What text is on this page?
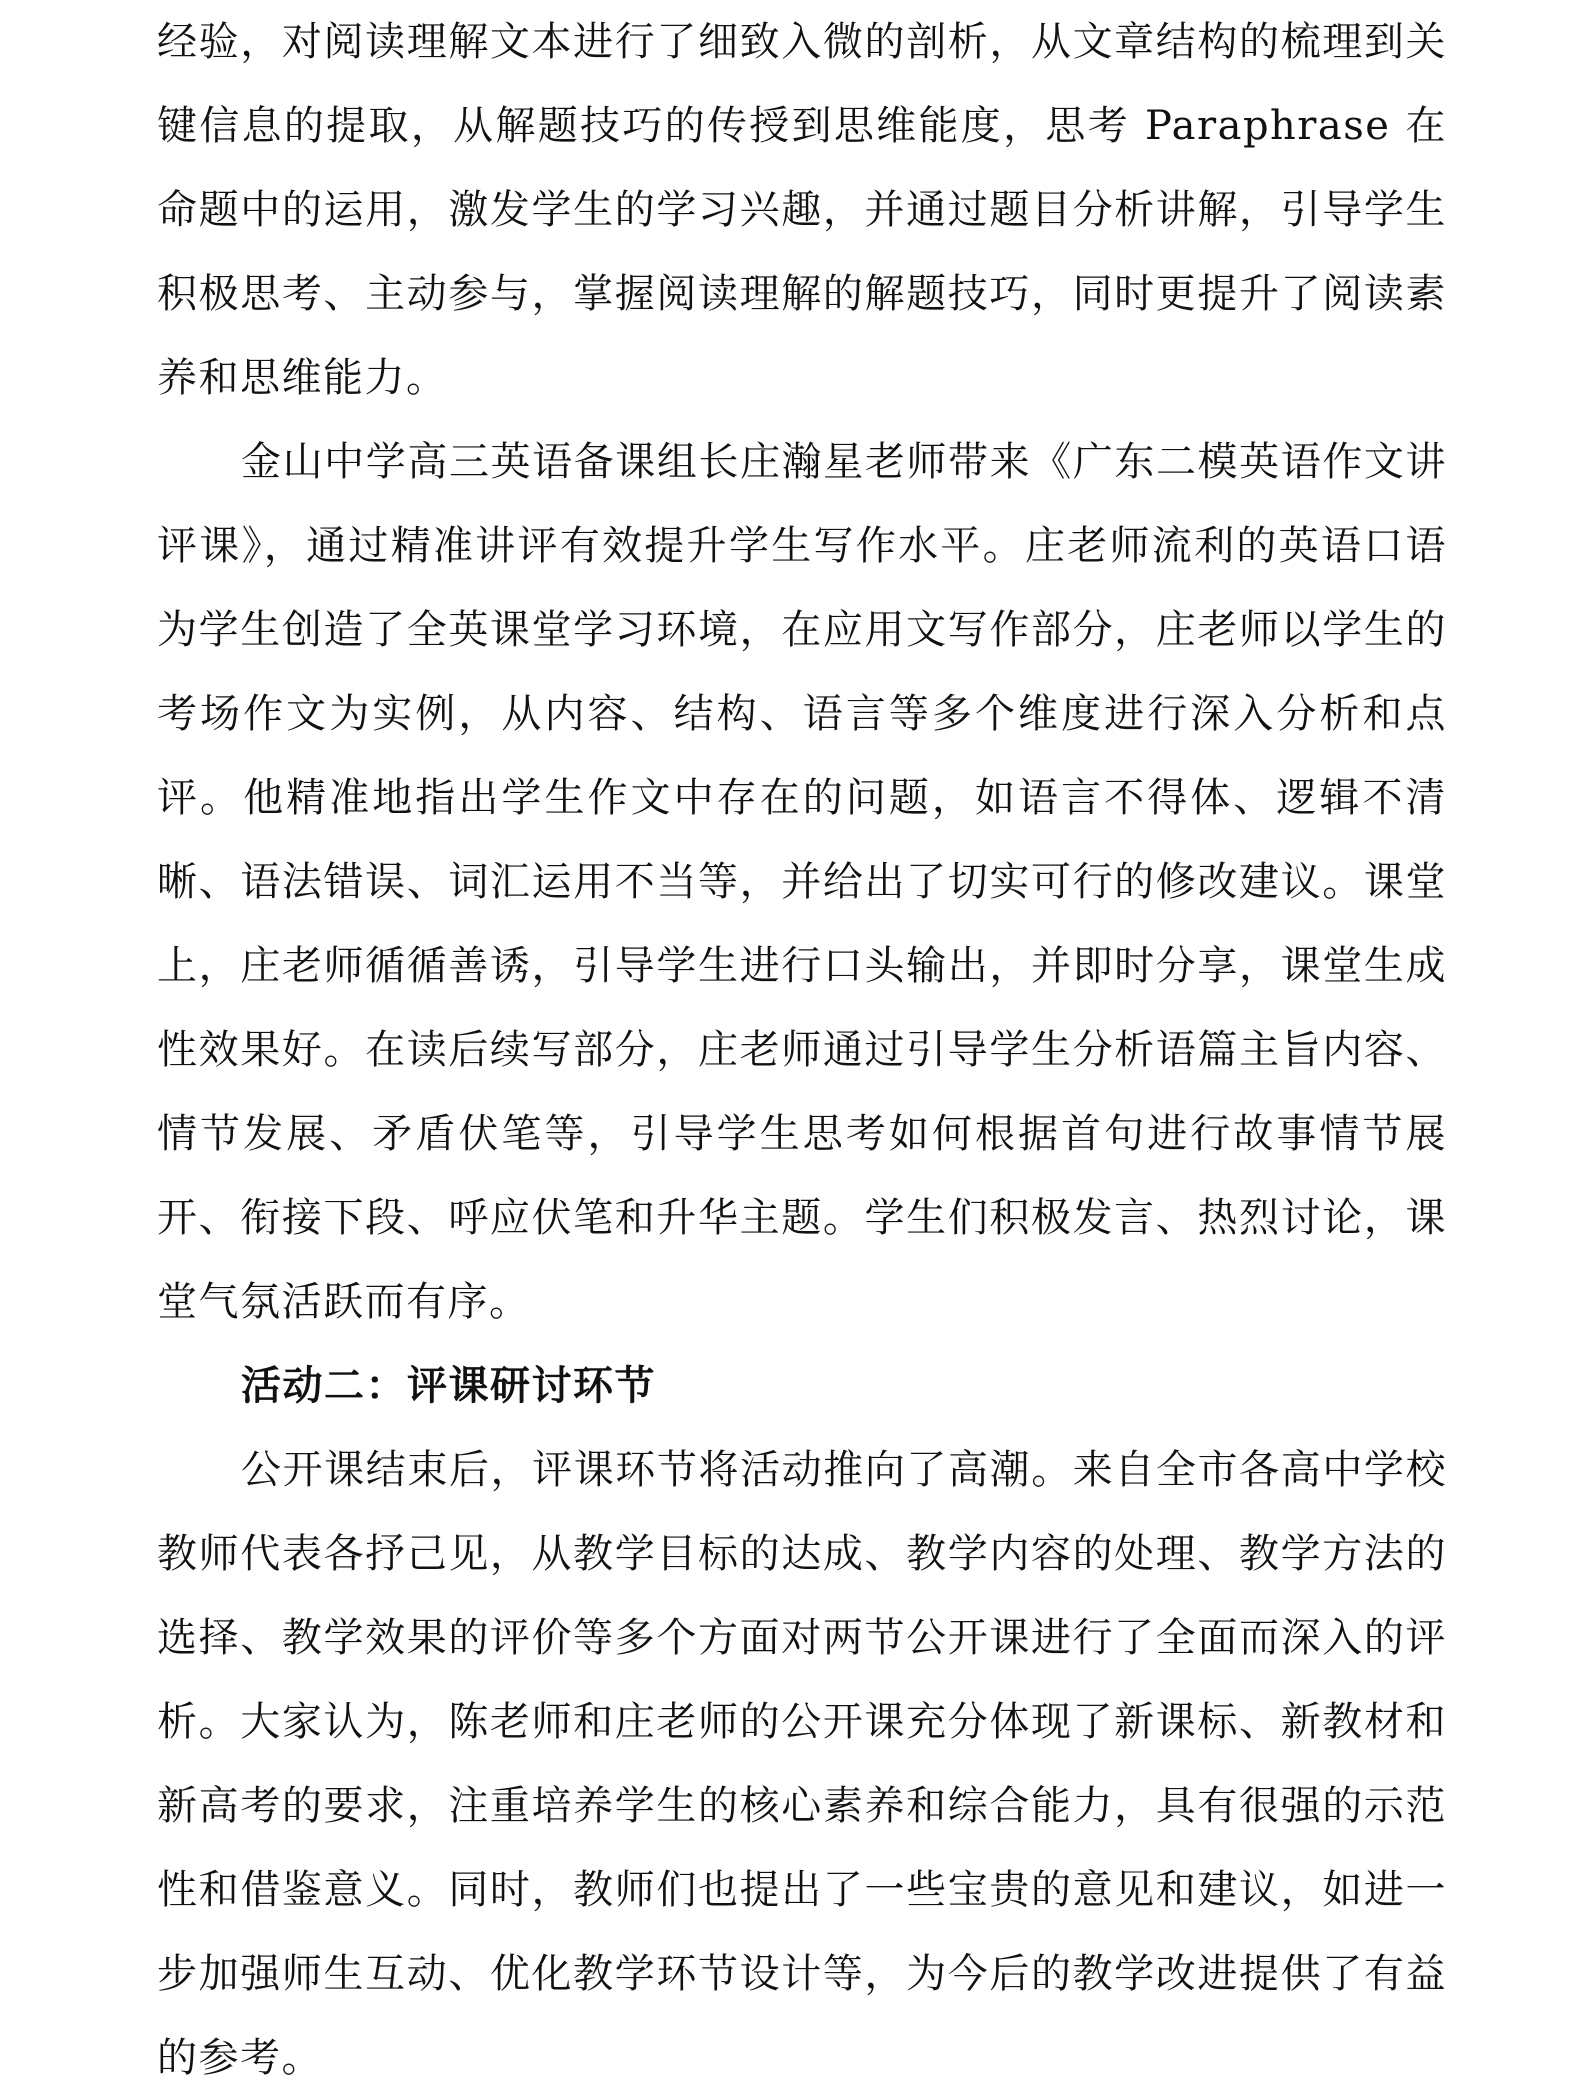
经验，对阅读理解文本进行了细致入微的剖析，从文章结构的梳理到关键信息的提取，从解题技巧的传授到思维能度，思考 Paraphrase 在命题中的运用，激发学生的学习兴趣，并通过题目分析讲解，引导学生积极思考、主动参与，掌握阅读理解的解题技巧，同时更提升了阅读素养和思维能力。

金山中学高三英语备课组长庄瀚星老师带来《广东二模英语作文讲评课》，通过精准讲评有效提升学生写作水平。庄老师流利的英语口语为学生创造了全英课堂学习环境，在应用文写作部分，庄老师以学生的考场作文为实例，从内容、结构、语言等多个维度进行深入分析和点评。他精准地指出学生作文中存在的问题，如语言不得体、逻辑不清晰、语法错误、词汇运用不当等，并给出了切实可行的修改建议。课堂上，庄老师循循善诱，引导学生进行口头输出，并即时分享，课堂生成性效果好。在读后续写部分，庄老师通过引导学生分析语篇主旨内容、情节发展、矛盾伏笔等，引导学生思考如何根据首句进行故事情节展开、衔接下段、呼应伏笔和升华主题。学生们积极发言、热烈讨论，课堂气氛活跃而有序。

活动二：评课研讨环节

公开课结束后，评课环节将活动推向了高潮。来自全市各高中学校教师代表各抒己见，从教学目标的达成、教学内容的处理、教学方法的选择、教学效果的评价等多个方面对两节公开课进行了全面而深入的评析。大家认为，陈老师和庄老师的公开课充分体现了新课标、新教材和新高考的要求，注重培养学生的核心素养和综合能力，具有很强的示范性和借鉴意义。同时，教师们也提出了一些宝贵的意见和建议，如进一步加强师生互动、优化教学环节设计等，为今后的教学改进提供了有益的参考。
